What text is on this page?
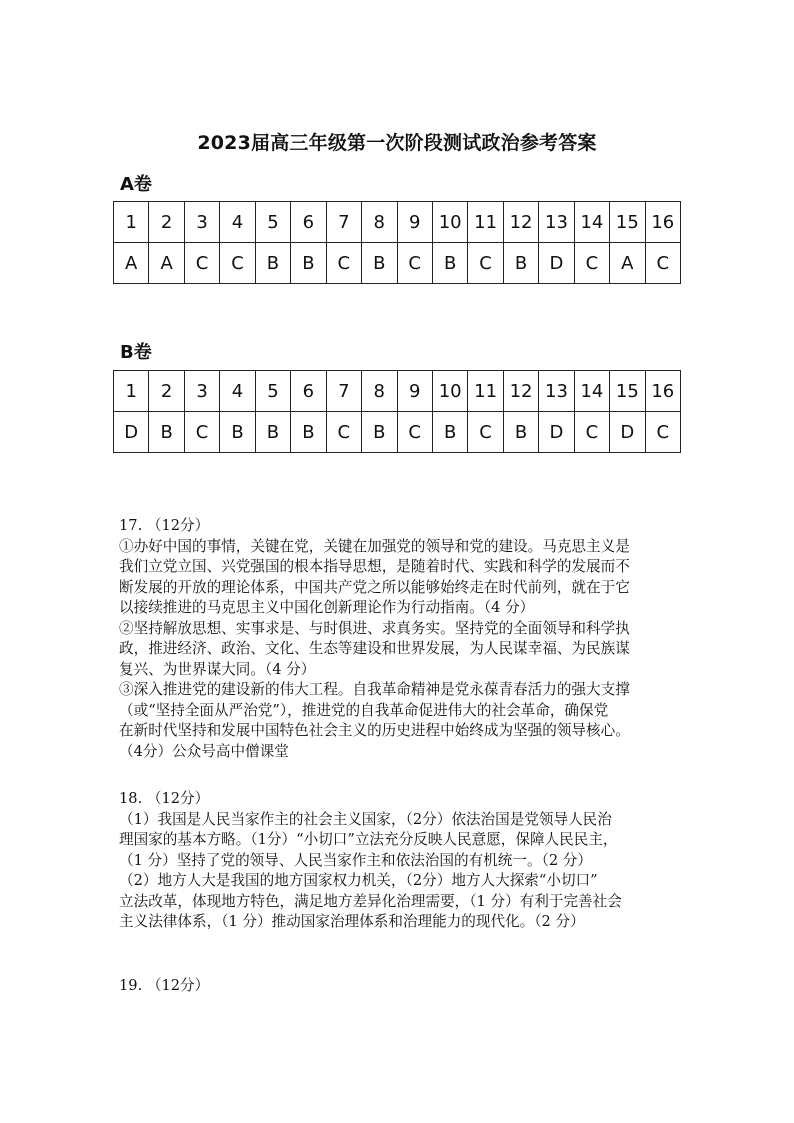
2023届高三年级第一次阶段测试政治参考答案
A卷
1	2	3	4	5	6	7	8	9	10	11	12	13	14	15	16
A	A	C	C	B	B	C	B	C	B	C	B	D	C	A	C
B卷
1	2	3	4	5	6	7	8	9	10	11	12	13	14	15	16
D	B	C	B	B	B	C	B	C	B	C	B	D	C	D	C

17. （12分）

①办好中国的事情，关键在党，关键在加强党的领导和党的建设。马克思主义是

我们立党立国、兴党强国的根本指导思想，是随着时代、实践和科学的发展而不

断发展的开放的理论体系，中国共产党之所以能够始终走在时代前列，就在于它

以接续推进的马克思主义中国化创新理论作为行动指南。（4 分）

②坚持解放思想、实事求是、与时俱进、求真务实。坚持党的全面领导和科学执

政，推进经济、政治、文化、生态等建设和世界发展，为人民谋幸福、为民族谋

复兴、为世界谋大同。（4 分）

③深入推进党的建设新的伟大工程。自我革命精神是党永葆青春活力的强大支撑

（或“坚持全面从严治党”），推进党的自我革命促进伟大的社会革命，确保党

在新时代坚持和发展中国特色社会主义的历史进程中始终成为坚强的领导核心。

（4分）公众号高中僧课堂

18. （12分）

（1）我国是人民当家作主的社会主义国家，（2分）依法治国是党领导人民治

理国家的基本方略。（1分）“小切口”立法充分反映人民意愿，保障人民民主，

（1 分）坚持了党的领导、人民当家作主和依法治国的有机统一。（2 分）

（2）地方人大是我国的地方国家权力机关，（2分）地方人大探索“小切口”

立法改革，体现地方特色，满足地方差异化治理需要，（1 分）有利于完善社会

主义法律体系，（1 分）推动国家治理体系和治理能力的现代化。（2 分）

19. （12分）
